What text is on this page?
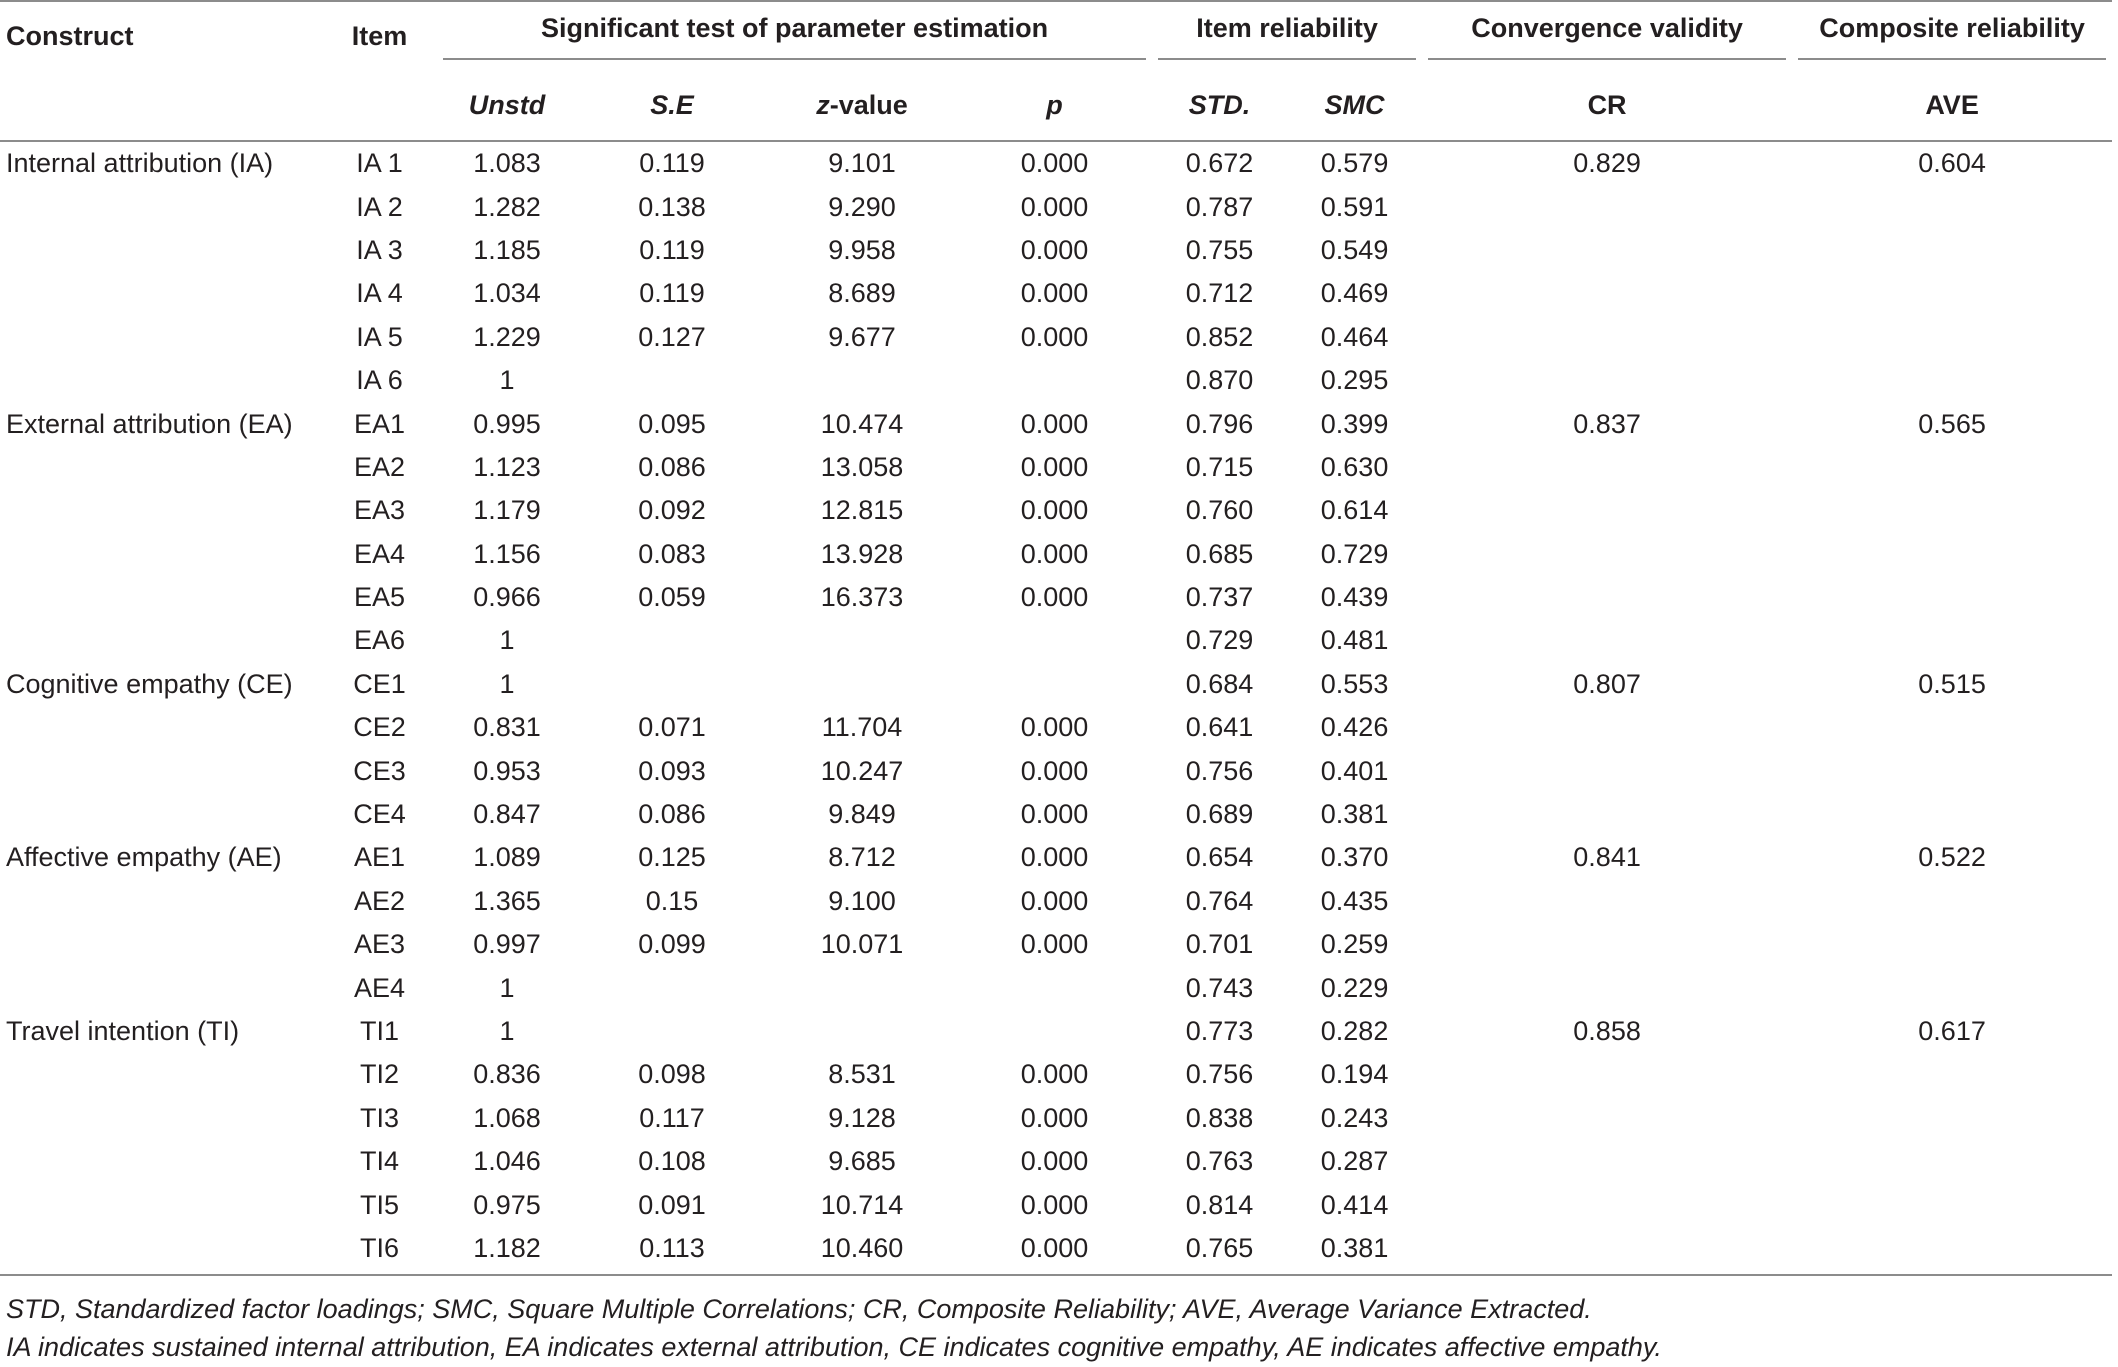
Construct	Item	Significant test of parameter estimation				Item reliability		Convergence validity	Composite reliability

		Unstd	S.E	z-value	p	STD.	SMC	CR	AVE
Internal attribution (IA)	IA 1	1.083	0.119	9.101	0.000	0.672	0.579	0.829	0.604
	IA 2	1.282	0.138	9.290	0.000	0.787	0.591		
	IA 3	1.185	0.119	9.958	0.000	0.755	0.549		
	IA 4	1.034	0.119	8.689	0.000	0.712	0.469		
	IA 5	1.229	0.127	9.677	0.000	0.852	0.464		
	IA 6	1				0.870	0.295		
External attribution (EA)	EA1	0.995	0.095	10.474	0.000	0.796	0.399	0.837	0.565
	EA2	1.123	0.086	13.058	0.000	0.715	0.630		
	EA3	1.179	0.092	12.815	0.000	0.760	0.614		
	EA4	1.156	0.083	13.928	0.000	0.685	0.729		
	EA5	0.966	0.059	16.373	0.000	0.737	0.439		
	EA6	1				0.729	0.481		
Cognitive empathy (CE)	CE1	1				0.684	0.553	0.807	0.515
	CE2	0.831	0.071	11.704	0.000	0.641	0.426		
	CE3	0.953	0.093	10.247	0.000	0.756	0.401		
	CE4	0.847	0.086	9.849	0.000	0.689	0.381		
Affective empathy (AE)	AE1	1.089	0.125	8.712	0.000	0.654	0.370	0.841	0.522
	AE2	1.365	0.15	9.100	0.000	0.764	0.435		
	AE3	0.997	0.099	10.071	0.000	0.701	0.259		
	AE4	1				0.743	0.229		
Travel intention (TI)	TI1	1				0.773	0.282	0.858	0.617
	TI2	0.836	0.098	8.531	0.000	0.756	0.194		
	TI3	1.068	0.117	9.128	0.000	0.838	0.243		
	TI4	1.046	0.108	9.685	0.000	0.763	0.287		
	TI5	0.975	0.091	10.714	0.000	0.814	0.414		
	TI6	1.182	0.113	10.460	0.000	0.765	0.381		
STD, Standardized factor loadings; SMC, Square Multiple Correlations; CR, Composite Reliability; AVE, Average Variance Extracted.
IA indicates sustained internal attribution, EA indicates external attribution, CE indicates cognitive empathy, AE indicates affective empathy.
